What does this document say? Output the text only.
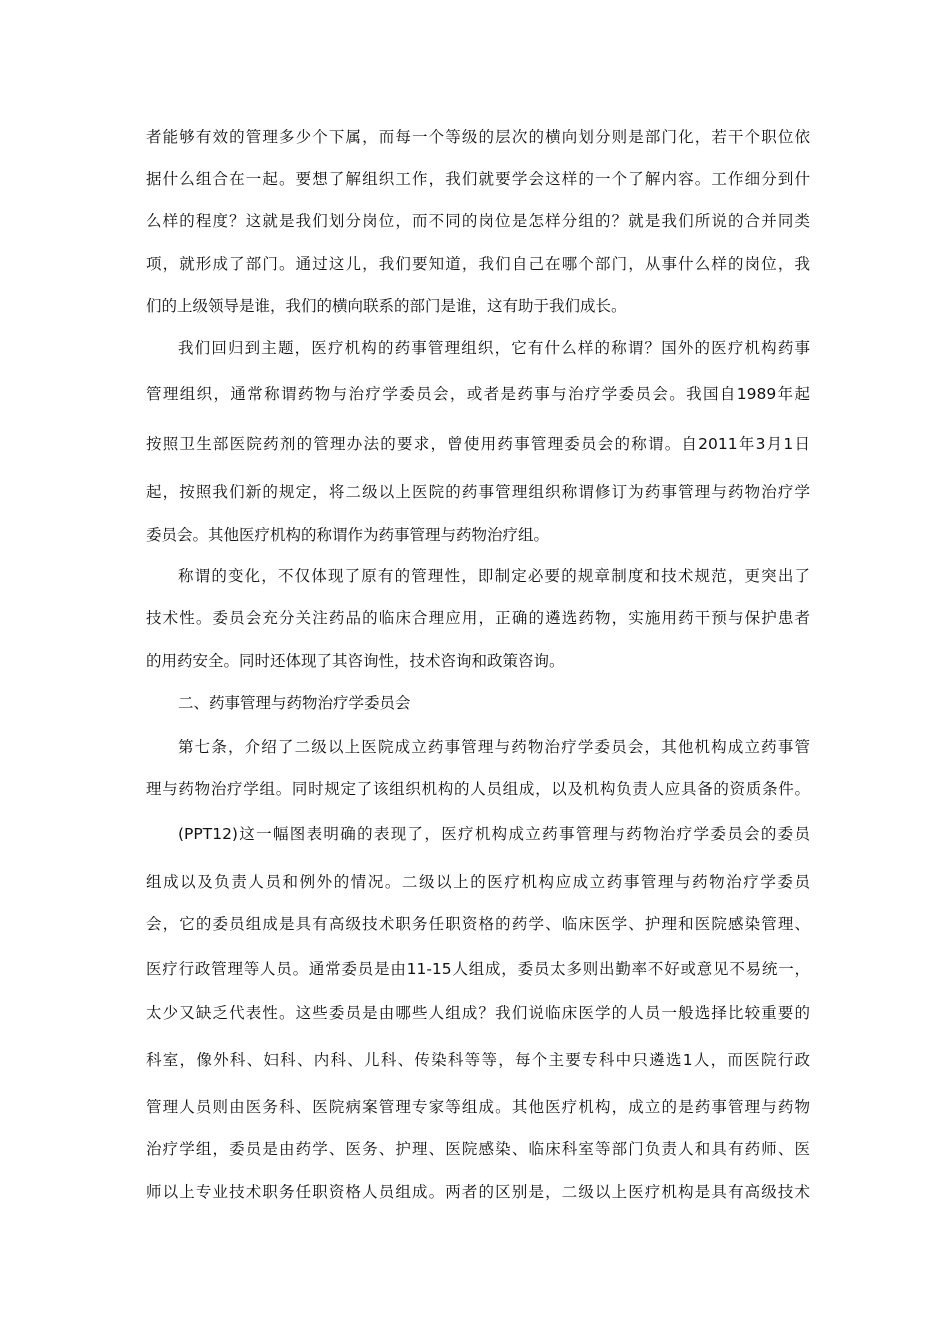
者能够有效的管理多少个下属，而每一个等级的层次的横向划分则是部门化，若干个职位依
据什么组合在一起。要想了解组织工作，我们就要学会这样的一个了解内容。工作细分到什
么样的程度？这就是我们划分岗位，而不同的岗位是怎样分组的？就是我们所说的合并同类
项，就形成了部门。通过这儿，我们要知道，我们自己在哪个部门，从事什么样的岗位，我
们的上级领导是谁，我们的横向联系的部门是谁，这有助于我们成长。
我们回归到主题，医疗机构的药事管理组织，它有什么样的称谓？国外的医疗机构药事
管理组织，通常称谓药物与治疗学委员会，或者是药事与治疗学委员会。我国自1989年起
按照卫生部医院药剂的管理办法的要求，曾使用药事管理委员会的称谓。自2011年3月1日
起，按照我们新的规定，将二级以上医院的药事管理组织称谓修订为药事管理与药物治疗学
委员会。其他医疗机构的称谓作为药事管理与药物治疗组。
称谓的变化，不仅体现了原有的管理性，即制定必要的规章制度和技术规范，更突出了
技术性。委员会充分关注药品的临床合理应用，正确的遴选药物，实施用药干预与保护患者
的用药安全。同时还体现了其咨询性，技术咨询和政策咨询。
二、药事管理与药物治疗学委员会
第七条，介绍了二级以上医院成立药事管理与药物治疗学委员会，其他机构成立药事管
理与药物治疗学组。同时规定了该组织机构的人员组成，以及机构负责人应具备的资质条件。
(PPT12)这一幅图表明确的表现了，医疗机构成立药事管理与药物治疗学委员会的委员
组成以及负责人员和例外的情况。二级以上的医疗机构应成立药事管理与药物治疗学委员
会，它的委员组成是具有高级技术职务任职资格的药学、临床医学、护理和医院感染管理、
医疗行政管理等人员。通常委员是由11-15人组成，委员太多则出勤率不好或意见不易统一，
太少又缺乏代表性。这些委员是由哪些人组成？我们说临床医学的人员一般选择比较重要的
科室，像外科、妇科、内科、儿科、传染科等等，每个主要专科中只遴选1人，而医院行政
管理人员则由医务科、医院病案管理专家等组成。其他医疗机构，成立的是药事管理与药物
治疗学组，委员是由药学、医务、护理、医院感染、临床科室等部门负责人和具有药师、医
师以上专业技术职务任职资格人员组成。两者的区别是，二级以上医疗机构是具有高级技术
